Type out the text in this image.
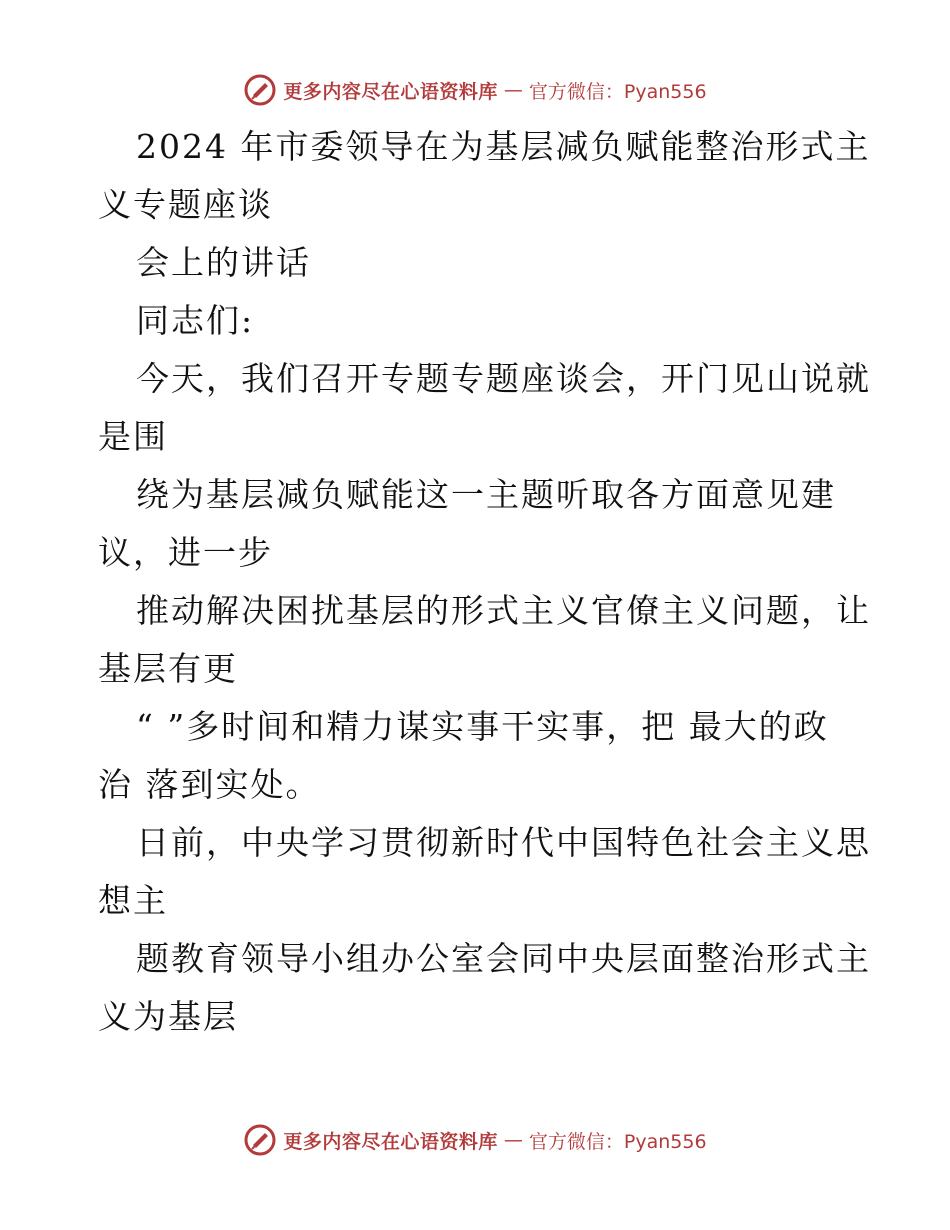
更多内容尽在心语资料库 — 官方微信：Pyan556
2024 年市委领导在为基层减负赋能整治形式主
义专题座谈
会上的讲话
同志们:
今天，我们召开专题专题座谈会，开门见山说就
是围
绕为基层减负赋能这一主题听取各方面意见建
议，进一步
推动解决困扰基层的形式主义官僚主义问题，让
基层有更
“ ”多时间和精力谋实事干实事，把 最大的政
治 落到实处。
日前，中央学习贯彻新时代中国特色社会主义思
想主
题教育领导小组办公室会同中央层面整治形式主
义为基层
更多内容尽在心语资料库 — 官方微信：Pyan556
